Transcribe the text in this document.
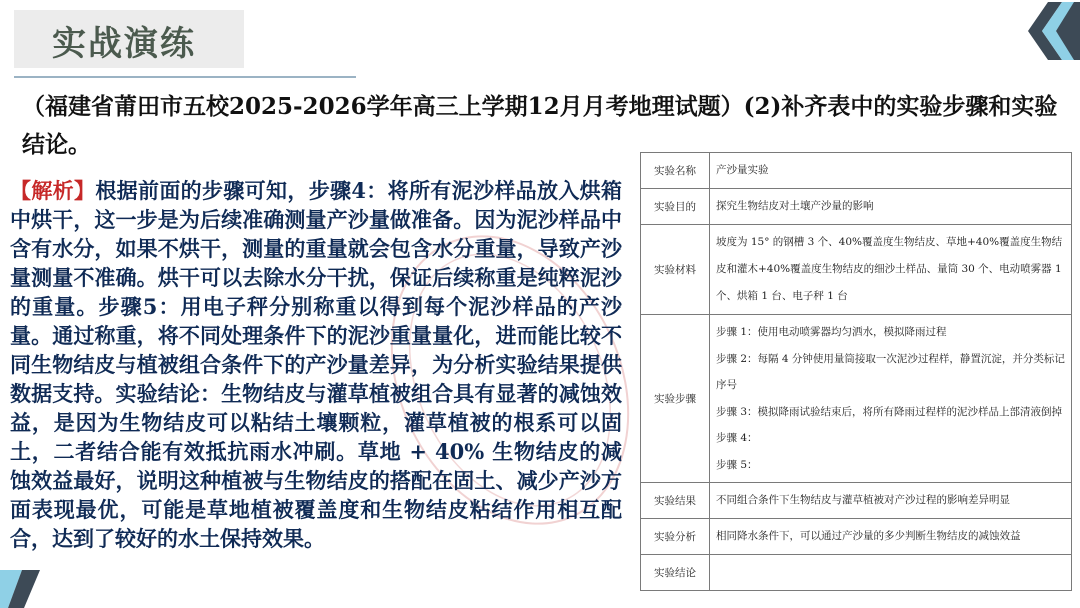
实战演练
（福建省莆田市五校2025-2026学年高三上学期12月月考地理试题）(2)补齐表中的实验步骤和实验结论。
【解析】根据前面的步骤可知，步骤4：将所有泥沙样品放入烘箱中烘干，这一步是为后续准确测量产沙量做准备。因为泥沙样品中含有水分，如果不烘干，测量的重量就会包含水分重量，导致产沙量测量不准确。烘干可以去除水分干扰，保证后续称重是纯粹泥沙的重量。步骤5：用电子秤分别称重以得到每个泥沙样品的产沙量。通过称重，将不同处理条件下的泥沙重量量化，进而能比较不同生物结皮与植被组合条件下的产沙量差异，为分析实验结果提供数据支持。实验结论：生物结皮与灌草植被组合具有显著的减蚀效益，是因为生物结皮可以粘结土壤颗粒，灌草植被的根系可以固土，二者结合能有效抵抗雨水冲刷。草地 + 40% 生物结皮的减蚀效益最好，说明这种植被与生物结皮的搭配在固土、减少产沙方面表现最优，可能是草地植被覆盖度和生物结皮粘结作用相互配合，达到了较好的水土保持效果。
实验名称	产沙量实验
实验目的	探究生物结皮对土壤产沙量的影响
实验材料	坡度为 15° 的钢槽 3 个、40%覆盖度生物结皮、草地+40%覆盖度生物结皮和灌木+40%覆盖度生物结皮的细沙土样品、量筒 30 个、电动喷雾器 1 个、烘箱 1 台、电子秤 1 台
实验步骤	步骤 1：使用电动喷雾器均匀洒水，模拟降雨过程
步骤 2：每隔 4 分钟使用量筒接取一次泥沙过程样，静置沉淀，并分类标记序号
步骤 3：模拟降雨试验结束后，将所有降雨过程样的泥沙样品上部清液倒掉
步骤 4：
步骤 5：

实验结果	不同组合条件下生物结皮与灌草植被对产沙过程的影响差异明显
实验分析	相同降水条件下，可以通过产沙量的多少判断生物结皮的减蚀效益
实验结论	
